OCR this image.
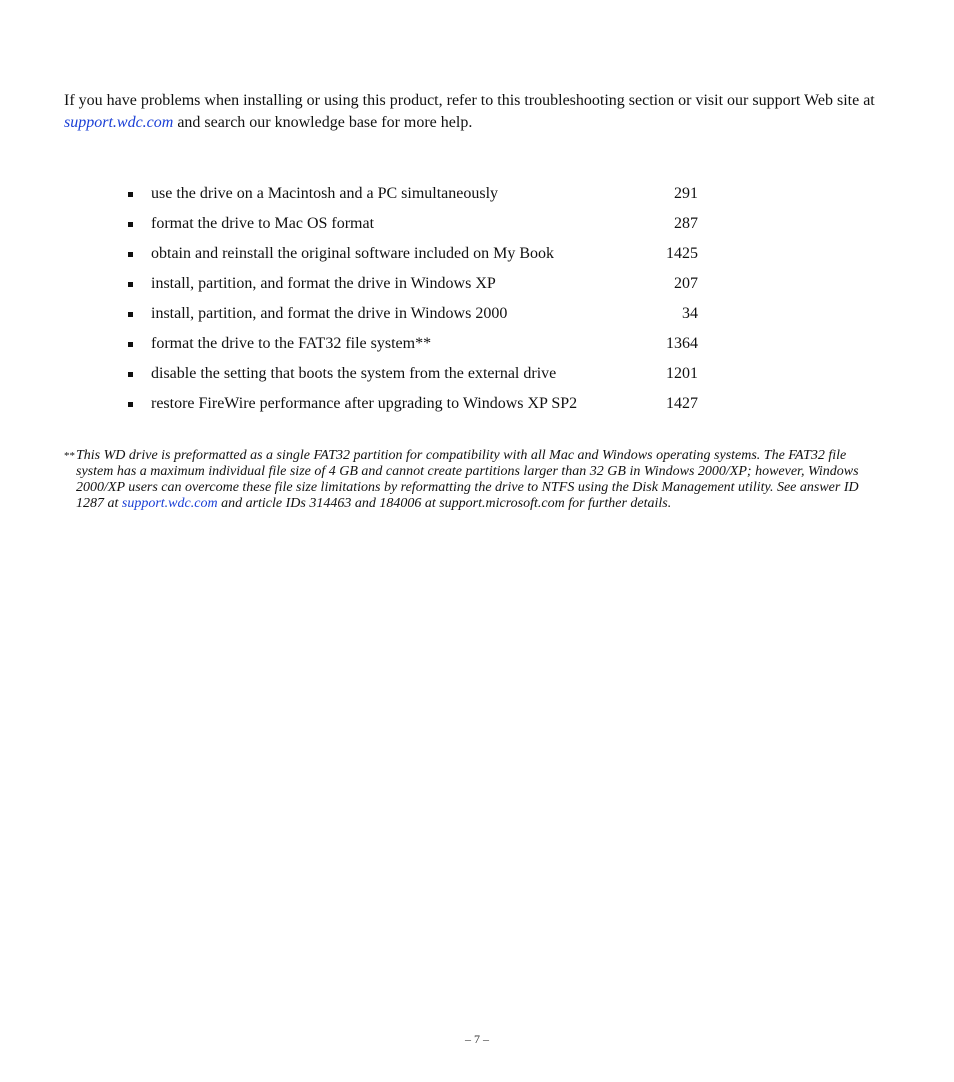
If you have problems when installing or using this product, refer to this troubleshooting section or visit our support Web site at support.wdc.com and search our knowledge base for more help.

use the drive on a Macintosh and a PC simultaneously	291
format the drive to Mac OS format	287
obtain and reinstall the original software included on My Book	1425
install, partition, and format the drive in Windows XP	207
install, partition, and format the drive in Windows 2000	34
format the drive to the FAT32 file system**	1364
disable the setting that boots the system from the external drive	1201
restore FireWire performance after upgrading to Windows XP SP2	1427

** This WD drive is preformatted as a single FAT32 partition for compatibility with all Mac and Windows operating systems. The FAT32 file system has a maximum individual file size of 4 GB and cannot create partitions larger than 32 GB in Windows 2000/XP; however, Windows 2000/XP users can overcome these file size limitations by reformatting the drive to NTFS using the Disk Management utility. See answer ID 1287 at support.wdc.com and article IDs 314463 and 184006 at support.microsoft.com for further details.

– 7 –
